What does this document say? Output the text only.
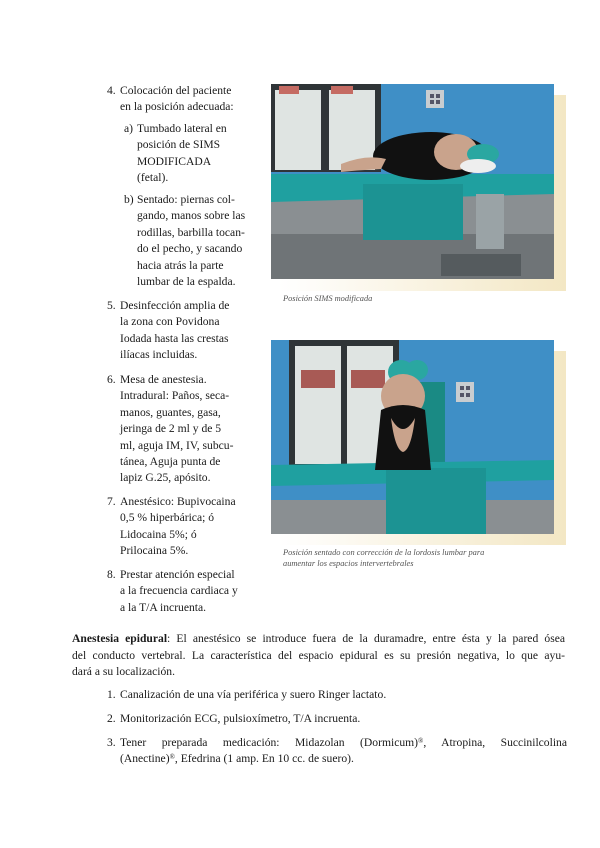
4. Colocación del paciente
en la posición adecuada:
a) Tumbado lateral en
posición de SIMS
MODIFICADA
(fetal).
b) Sentado: piernas col-
gando, manos sobre las
rodillas, barbilla tocan-
do el pecho, y sacando
hacia atrás la parte
lumbar de la espalda.
5. Desinfección amplia de
la zona con Povidona
Iodada hasta las crestas
ilíacas incluidas.
6. Mesa de anestesia.
Intradural: Paños, seca-
manos, guantes, gasa,
jeringa de 2 ml y de 5
ml, aguja IM, IV, subcu-
tánea, Aguja punta de
lapiz G.25, apósito.
7. Anestésico: Bupivocaina
0,5 % hiperbárica; ó
Lidocaina 5%; ó
Prilocaina 5%.
8. Prestar atención especial
a la frecuencia cardiaca y
a la T/A incruenta.
Posición SIMS modificada
Posición sentado con corrección de la lordosis lumbar para
aumentar los espacios intervertebrales
Anestesia epidural: El anestésico se introduce fuera de la duramadre, entre ésta y la pared ósea
del conducto vertebral. La característica del espacio epidural es su presión negativa, lo que ayu-
dará a su localización.
1. Canalización de una vía periférica y suero Ringer lactato.
2. Monitorización ECG, pulsioxímetro, T/A incruenta.
3. Tener preparada medicación: Midazolan (Dormicum)®, Atropina, Succinilcolina
(Anectine)®, Efedrina (1 amp. En 10 cc. de suero).
